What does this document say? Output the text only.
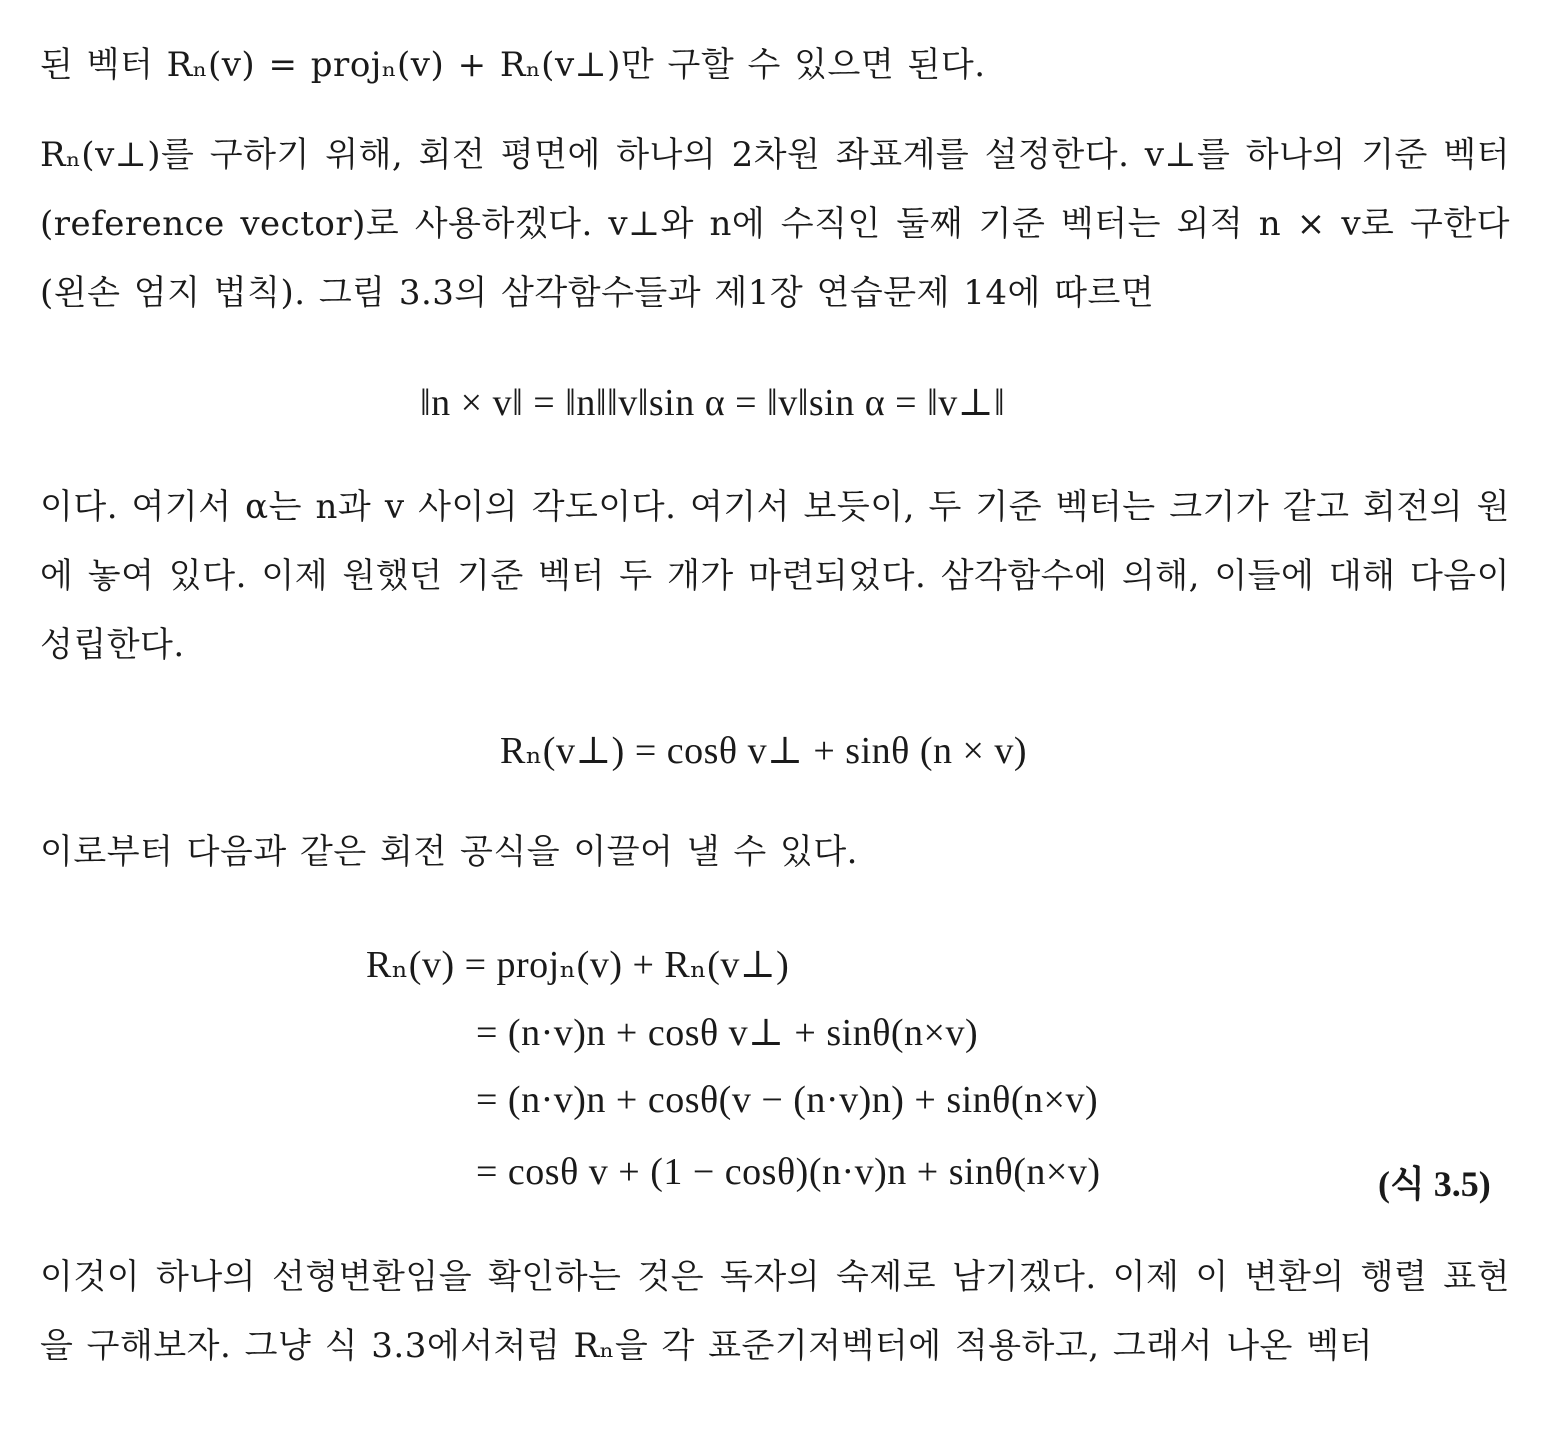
된 벡터 Rₙ(v) = projₙ(v) + Rₙ(v⊥)만 구할 수 있으면 된다.

Rₙ(v⊥)를 구하기 위해, 회전 평면에 하나의 2차원 좌표계를 설정한다. v⊥를 하나의 기준 벡터(reference vector)로 사용하겠다. v⊥와 n에 수직인 둘째 기준 벡터는 외적 n × v로 구한다(왼손 엄지 법칙). 그림 3.3의 삼각함수들과 제1장 연습문제 14에 따르면

‖n × v‖ = ‖n‖‖v‖sin α = ‖v‖sin α = ‖v⊥‖

이다. 여기서 α는 n과 v 사이의 각도이다. 여기서 보듯이, 두 기준 벡터는 크기가 같고 회전의 원에 놓여 있다. 이제 원했던 기준 벡터 두 개가 마련되었다. 삼각함수에 의해, 이들에 대해 다음이 성립한다.

Rₙ(v⊥) = cosθ v⊥ + sinθ (n × v)

이로부터 다음과 같은 회전 공식을 이끌어 낼 수 있다.

Rₙ(v) = projₙ(v) + Rₙ(v⊥)
= (n·v)n + cosθ v⊥ + sinθ(n×v)
= (n·v)n + cosθ(v − (n·v)n) + sinθ(n×v)
= cosθ v + (1 − cosθ)(n·v)n + sinθ(n×v)	(식 3.5)

이것이 하나의 선형변환임을 확인하는 것은 독자의 숙제로 남기겠다. 이제 이 변환의 행렬 표현을 구해보자. 그냥 식 3.3에서처럼 Rₙ을 각 표준기저벡터에 적용하고, 그래서 나온 벡터
